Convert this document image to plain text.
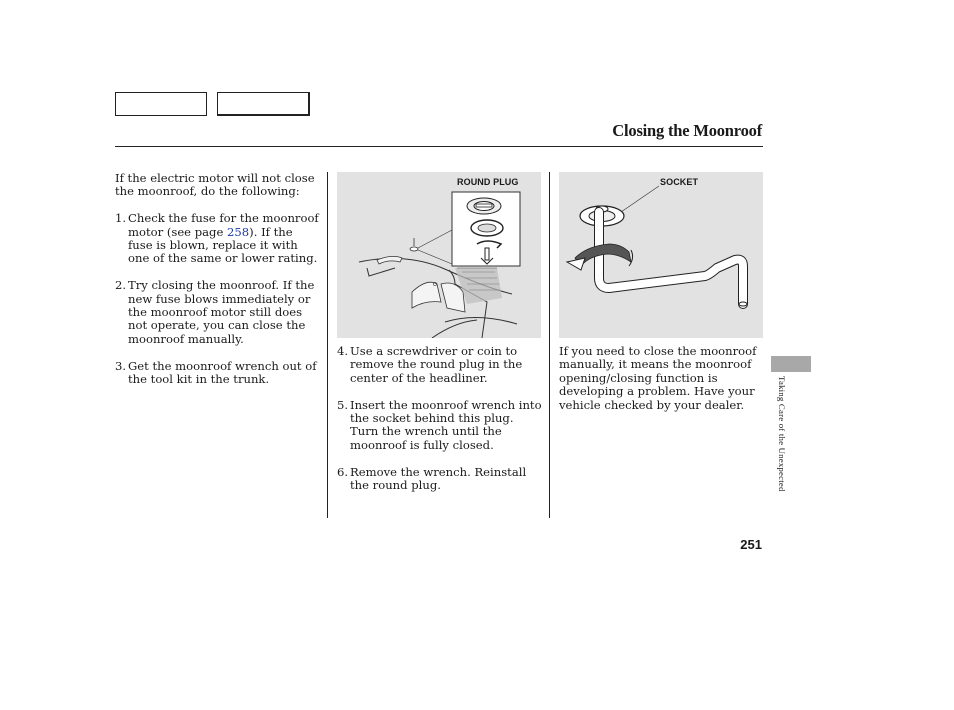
Closing the Moonroof

If the electric motor will not close the moonroof, do the following:

1. Check the fuse for the moonroof motor (see page 258). If the fuse is blown, replace it with one of the same or lower rating.
2. Try closing the moonroof. If the new fuse blows immediately or the moonroof motor still does not operate, you can close the moonroof manually.
3. Get the moonroof wrench out of the tool kit in the trunk.
ROUND PLUG
4. Use a screwdriver or coin to remove the round plug in the center of the headliner.
5. Insert the moonroof wrench into the socket behind this plug. Turn the wrench until the moonroof is fully closed.
6. Remove the wrench. Reinstall the round plug.
SOCKET

If you need to close the moonroof manually, it means the moonroof opening/closing function is developing a problem. Have your vehicle checked by your dealer.	Taking Care of the Unexpected
251
